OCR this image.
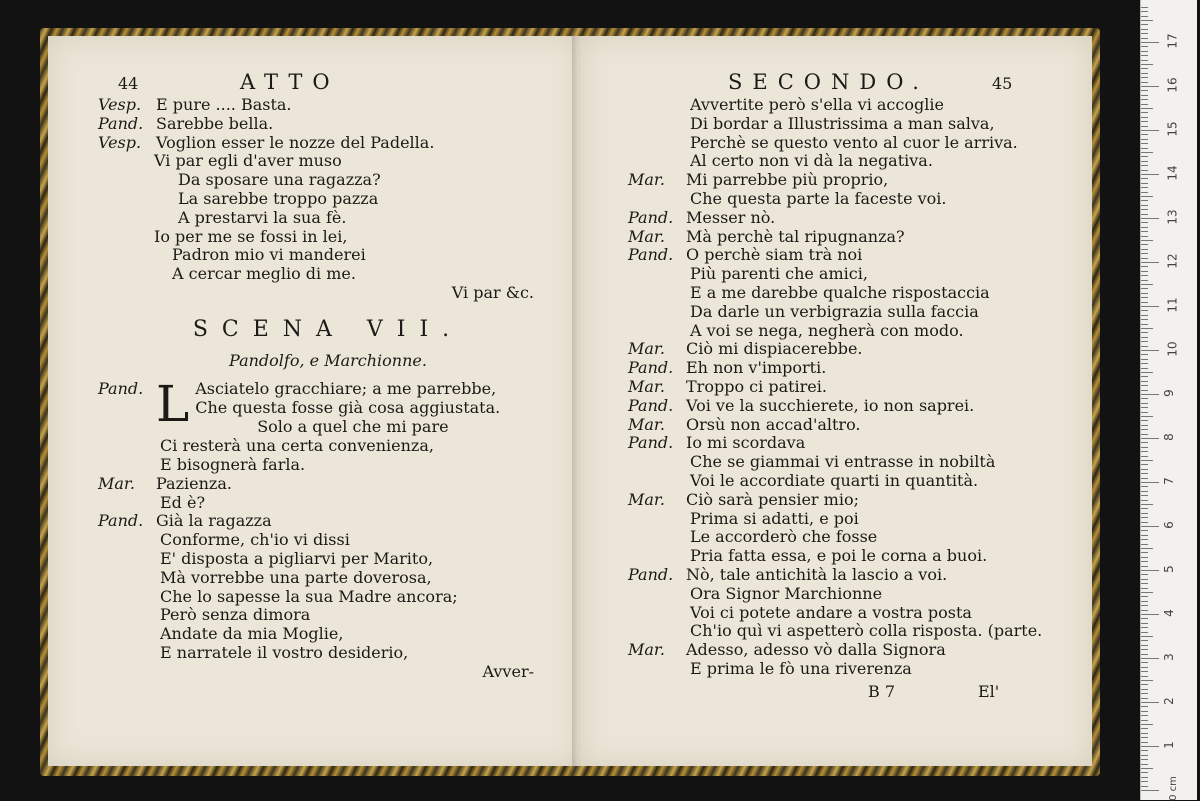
44	ATTO
Vesp. E pure .... Basta.
Pand. Sarebbe bella.
Vesp. Voglion esser le nozze del Padella.
Vi par egli d'aver muso
Da sposare una ragazza?
La sarebbe troppo pazza
A prestarvi la sua fè.
Io per me se fossi in lei,
Padron mio vi manderei
A cercar meglio di me.
Vi par &c.
SCENA VII.
Pandolfo, e Marchionne.
Pand. L Asciatelo gracchiare; a me parrebbe,
Che questa fosse già cosa aggiustata.
Solo a quel che mi pare
Ci resterà una certa convenienza,
E bisognerà farla.
Mar. Pazienza.
Ed è?
Pand. Già la ragazza
Conforme, ch'io vi dissi
E' disposta a pigliarvi per Marito,
Mà vorrebbe una parte doverosa,
Che lo sapesse la sua Madre ancora;
Però senza dimora
Andate da mia Moglie,
E narratele il vostro desiderio,
Avver-
SECONDO.	45
Avvertite però s'ella vi accoglie
Di bordar a Illustrissima a man salva,
Perchè se questo vento al cuor le arriva.
Al certo non vi dà la negativa.
Mar. Mi parrebbe più proprio,
Che questa parte la faceste voi.
Pand. Messer nò.
Mar. Mà perchè tal ripugnanza?
Pand. O perchè siam trà noi
Più parenti che amici,
E a me darebbe qualche rispostaccia
Da darle un verbigrazia sulla faccia
A voi se nega, negherà con modo.
Mar. Ciò mi dispiacerebbe.
Pand. Eh non v'importi.
Mar. Troppo ci patirei.
Pand. Voi ve la succhierete, io non saprei.
Mar. Orsù non accad'altro.
Pand. Io mi scordava
Che se giammai vi entrasse in nobiltà
Voi le accordiate quarti in quantità.
Mar. Ciò sarà pensier mio;
Prima si adatti, e poi
Le accorderò che fosse
Pria fatta essa, e poi le corna a buoi.
Pand. Nò, tale antichità la lascio a voi.
Ora Signor Marchionne
Voi ci potete andare a vostra posta
Ch'io quì vi aspetterò colla risposta. (parte.
Mar. Adesso, adesso vò dalla Signora
E prima le fò una riverenza
B 7	El'
1
2
3
4
5
6
7
8
9
10
11
12
13
14
15
16
17
0 cm
